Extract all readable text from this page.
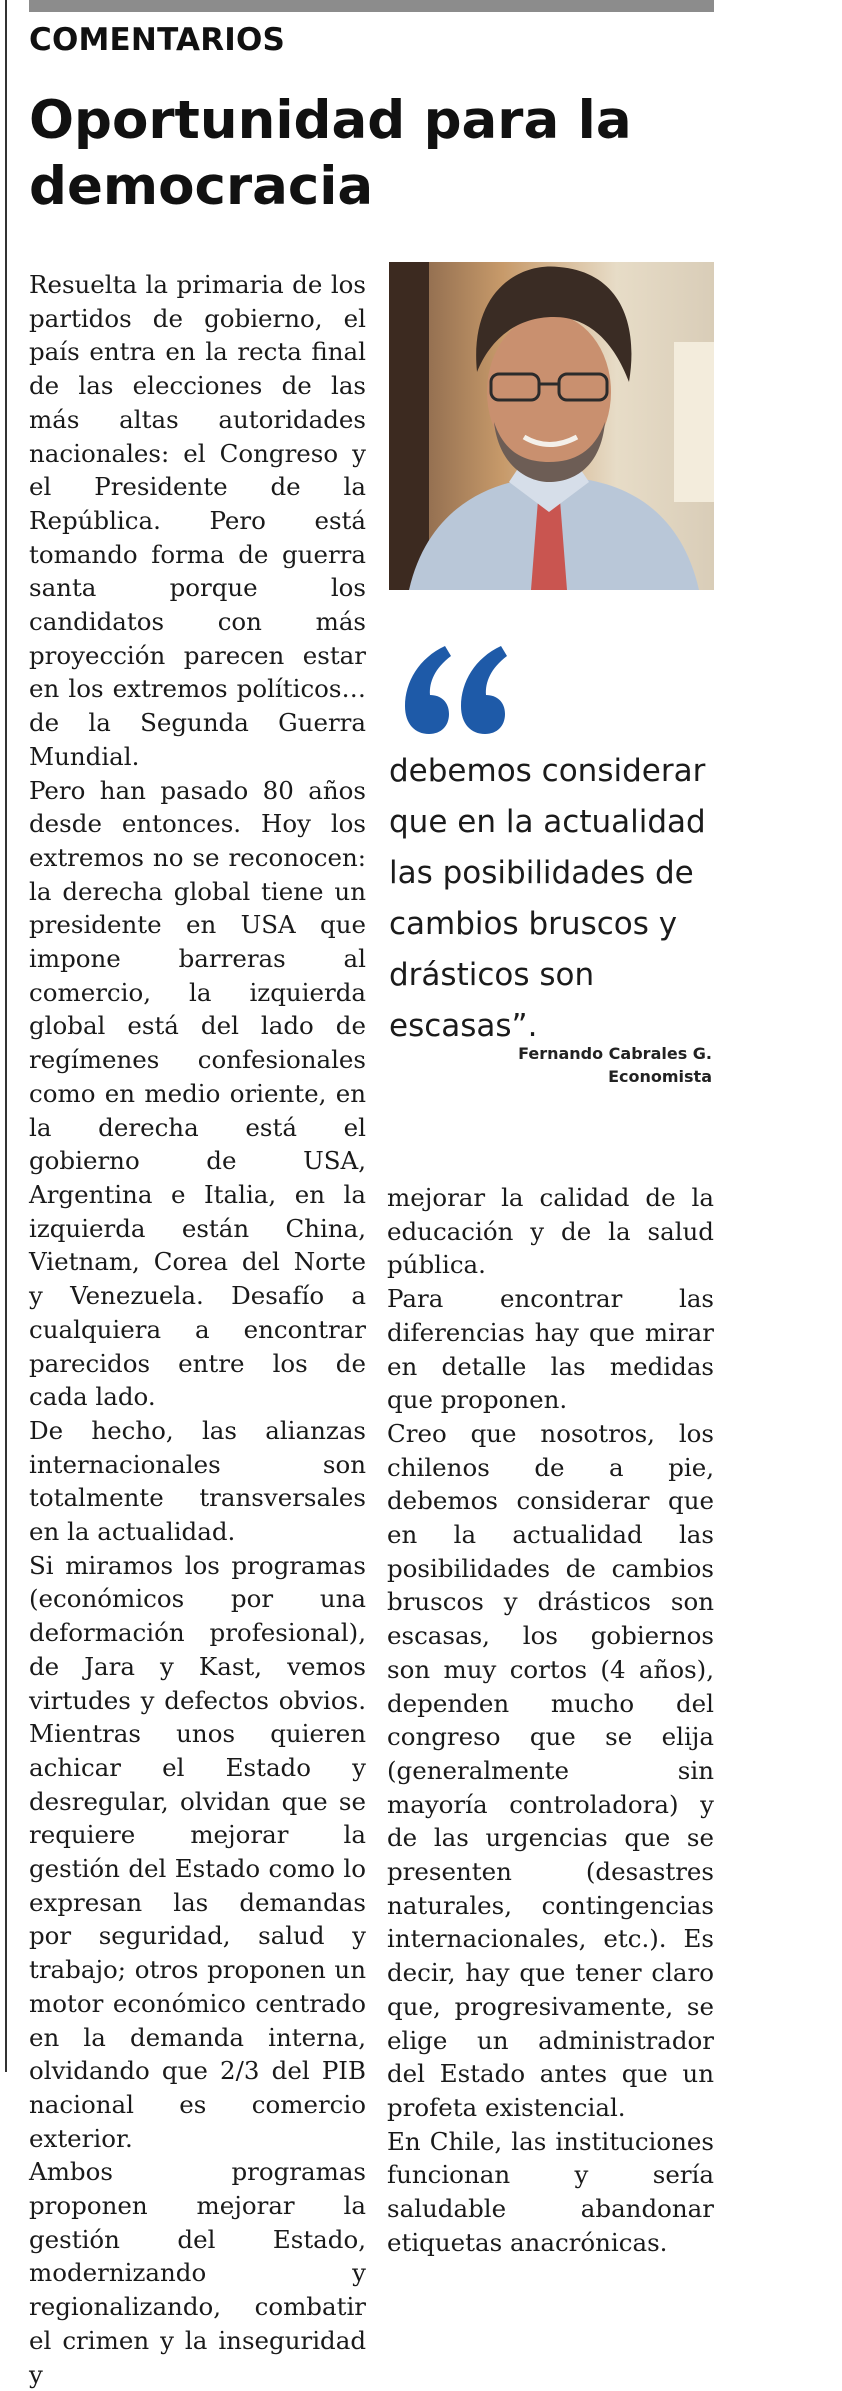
COMENTARIOS
Oportunidad para la democracia

Resuelta la primaria de los partidos de gobierno, el país entra en la recta final de las elecciones de las más altas autoridades nacionales: el Congreso y el Presidente de la República. Pero está tomando forma de guerra santa porque los candidatos con más proyección parecen estar en los extremos políticos…de la Segunda Guerra Mundial.

Pero han pasado 80 años desde entonces. Hoy los extremos no se reconocen: la derecha global tiene un presidente en USA que impone barreras al comercio, la izquierda global está del lado de regímenes confesionales como en medio oriente, en la derecha está el gobierno de USA, Argentina e Italia, en la izquierda están China, Vietnam, Corea del Norte y Venezuela. Desafío a cualquiera a encontrar parecidos entre los de cada lado.

De hecho, las alianzas internacionales son totalmente transversales en la actualidad.

Si miramos los programas (económicos por una deformación profesional), de Jara y Kast, vemos virtudes y defectos obvios. Mientras unos quieren achicar el Estado y desregular, olvidan que se requiere mejorar la gestión del Estado como lo expresan las demandas por seguridad, salud y trabajo; otros proponen un motor económico centrado en la demanda interna, olvidando que 2/3 del PIB nacional es comercio exterior.

Ambos programas proponen mejorar la gestión del Estado, modernizando y regionalizando, combatir el crimen y la inseguridad y

debemos considerar que en la actualidad las posibilidades de cambios bruscos y drásticos son escasas”.

Fernando Cabrales G.
Economista

mejorar la calidad de la educación y de la salud pública.

Para encontrar las diferencias hay que mirar en detalle las medidas que proponen.

Creo que nosotros, los chilenos de a pie, debemos considerar que en la actualidad las posibilidades de cambios bruscos y drásticos son escasas, los gobiernos son muy cortos (4 años), dependen mucho del congreso que se elija (generalmente sin mayoría controladora) y de las urgencias que se presenten (desastres naturales, contingencias internacionales, etc.). Es decir, hay que tener claro que, progresivamente, se elige un administrador del Estado antes que un profeta existencial.

En Chile, las instituciones funcionan y sería saludable abandonar etiquetas anacrónicas.
